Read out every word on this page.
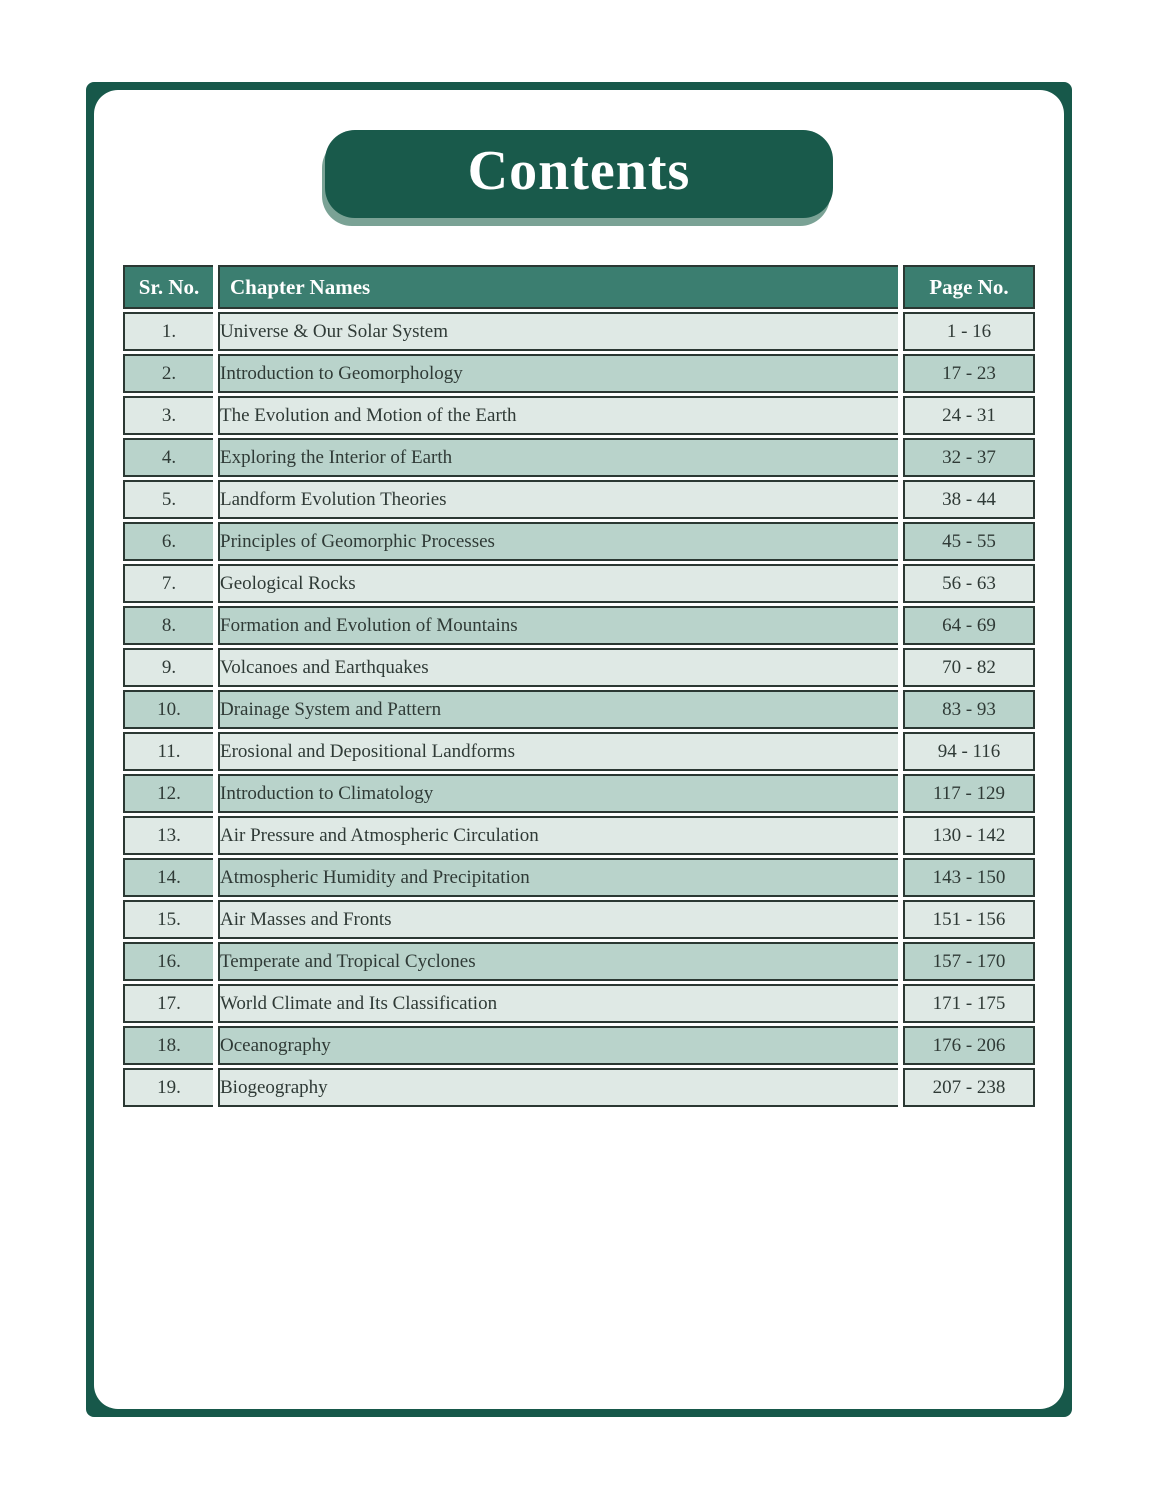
Contents
Sr. No.	Chapter Names	Page No.
1.	Universe & Our Solar System	1 - 16
2.	Introduction to Geomorphology	17 - 23
3.	The Evolution and Motion of the Earth	24 - 31
4.	Exploring the Interior of Earth	32 - 37
5.	Landform Evolution Theories	38 - 44
6.	Principles of Geomorphic Processes	45 - 55
7.	Geological Rocks	56 - 63
8.	Formation and Evolution of Mountains	64 - 69
9.	Volcanoes and Earthquakes	70 - 82
10.	Drainage System and Pattern	83 - 93
11.	Erosional and Depositional Landforms	94 - 116
12.	Introduction to Climatology	117 - 129
13.	Air Pressure and Atmospheric Circulation	130 - 142
14.	Atmospheric Humidity and Precipitation	143 - 150
15.	Air Masses and Fronts	151 - 156
16.	Temperate and Tropical Cyclones	157 - 170
17.	World Climate and Its Classification	171 - 175
18.	Oceanography	176 - 206
19.	Biogeography	207 - 238
